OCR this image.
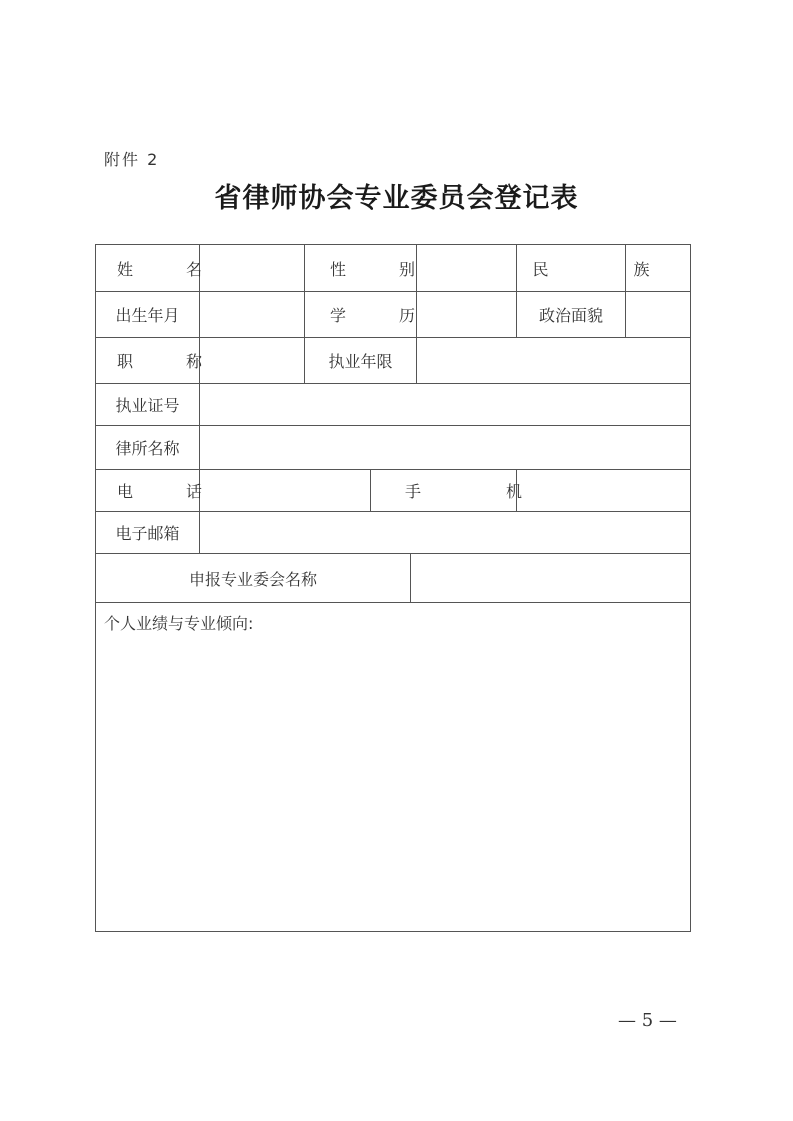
附件 2
省律师协会专业委员会登记表
姓 名	性 别	民 族
出生年月	学 历	政治面貌
职 称	执业年限
执业证号
律所名称
电 话	手 机
电子邮箱
申报专业委会名称
个人业绩与专业倾向:
— 5 —
